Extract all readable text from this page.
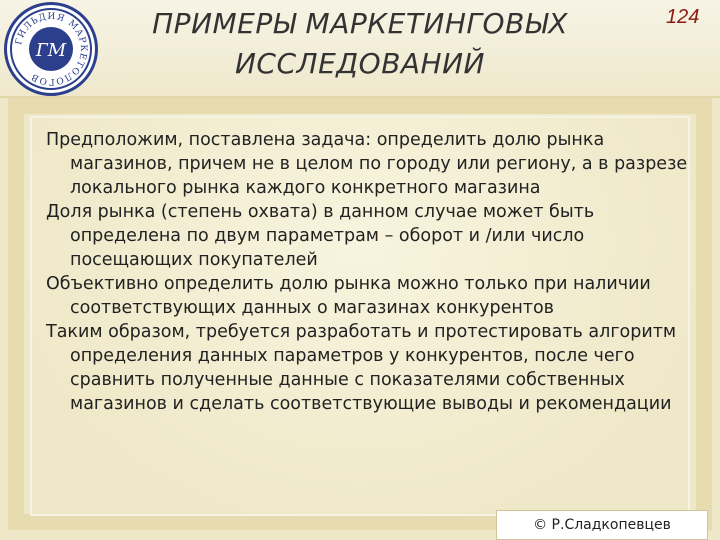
ГИЛЬДИЯ МАРКЕТОЛОГОВ
ГМ
ПРИМЕРЫ МАРКЕТИНГОВЫХ
ИССЛЕДОВАНИЙ
124

Предположим, поставлена задача: определить долю рынка магазинов, причем не в целом по городу или региону, а в разрезе локального рынка каждого конкретного магазина

Доля рынка (степень охвата) в данном случае может быть определена по двум параметрам – оборот и /или число посещающих покупателей

Объективно определить долю рынка можно только при наличии соответствующих данных о магазинах конкурентов

Таким образом, требуется разработать и протестировать алгоритм определения данных параметров у конкурентов, после чего сравнить полученные данные с показателями собственных магазинов и сделать соответствующие выводы и рекомендации

© Р.Сладкопевцев
